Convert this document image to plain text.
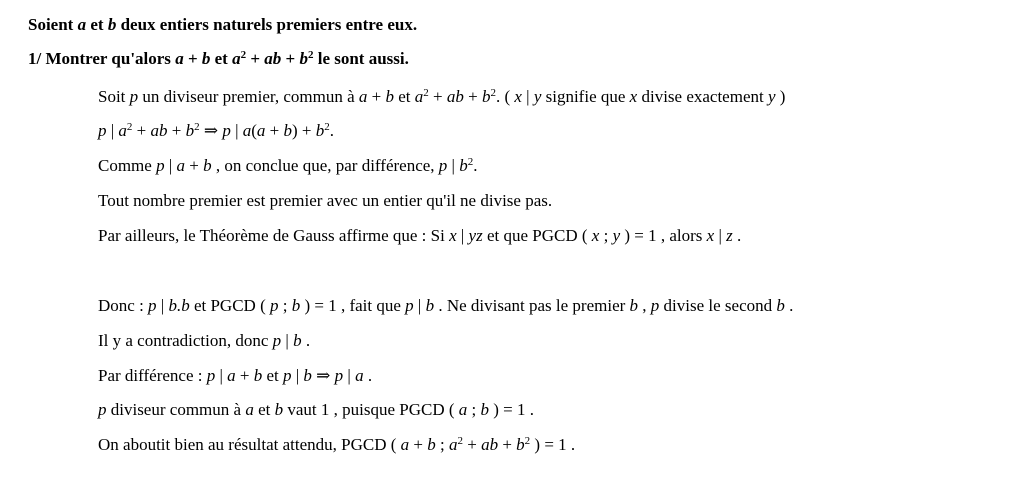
Soient a et b deux entiers naturels premiers entre eux.
1/ Montrer qu'alors a + b et $a^2$ + ab + $b^2$ le sont aussi.
Soit p un diviseur premier, commun à a + b et $a^2$ + ab + $b^2$. ( x | y signifie que x divise exactement y )
p | $a^2$ + ab + $b^2$ ⇒ p | $a(a + b) + b^2$.
Comme p | a + b , on conclue que, par différence, p | $b^2$.
Tout nombre premier est premier avec un entier qu'il ne divise pas.
Par ailleurs, le Théorème de Gauss affirme que : Si x | yz et que PGCD ( x ; y ) = 1 , alors x | z .
Donc : p | b.b et PGCD ( p ; b ) = 1 , fait que p | b . Ne divisant pas le premier b , p divise le second b .
Il y a contradiction, donc p | b .
Par différence : p | a + b et p | b ⇒ p | a .
p diviseur commun à a et b vaut 1 , puisque PGCD ( a ; b ) = 1 .
On aboutit bien au résultat attendu, PGCD ( a + b ; $a^2$ + ab + $b^2$ ) = 1 .
